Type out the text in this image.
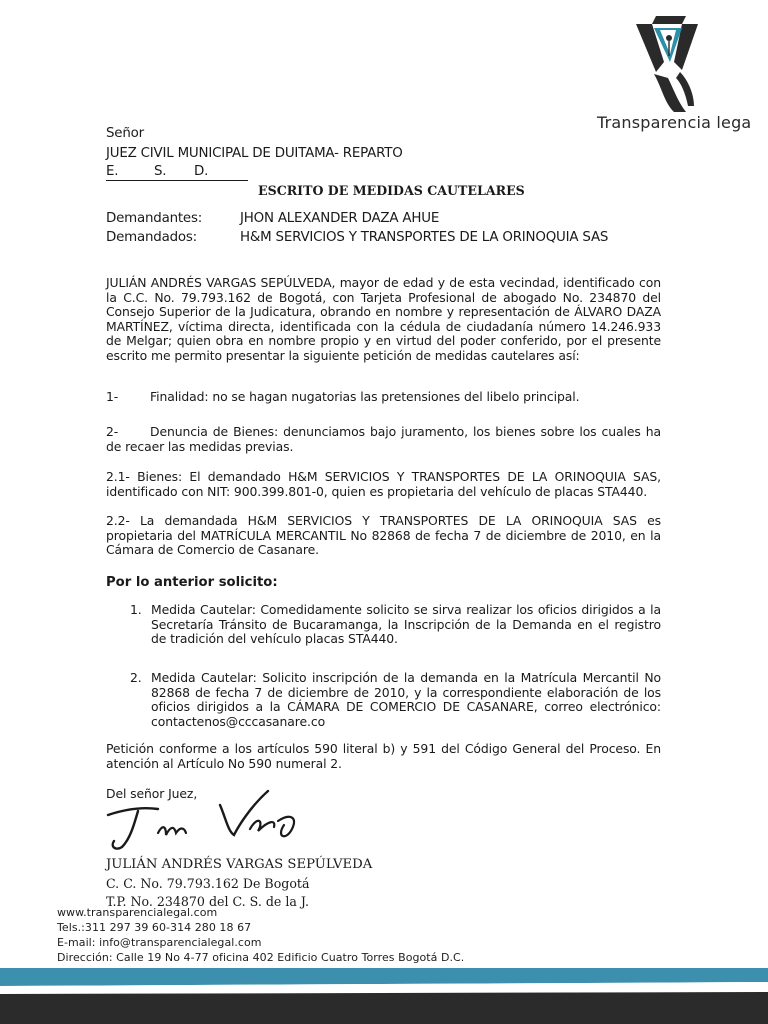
Transparencia lega
Señor
JUEZ CIVIL MUNICIPAL DE DUITAMA- REPARTO
E.	S. D.
ESCRITO DE MEDIDAS CAUTELARES
Demandantes:	JHON ALEXANDER DAZA AHUE
Demandados:	H&M SERVICIOS Y TRANSPORTES DE LA ORINOQUIA SAS
JULIÁN ANDRÉS VARGAS SEPÚLVEDA, mayor de edad y de esta vecindad, identificado con la C.C. No. 79.793.162 de Bogotá, con Tarjeta Profesional de abogado No. 234870 del Consejo Superior de la Judicatura, obrando en nombre y representación de ÁLVARO DAZA MARTÍNEZ, víctima directa, identificada con la cédula de ciudadanía número 14.246.933 de Melgar; quien obra en nombre propio y en virtud del poder conferido, por el presente escrito me permito presentar la siguiente petición de medidas cautelares así:
1-	Finalidad: no se hagan nugatorias las pretensiones del libelo principal.
2-	Denuncia de Bienes: denunciamos bajo juramento, los bienes sobre los cuales ha de recaer las medidas previas.
2.1- Bienes: El demandado H&M SERVICIOS Y TRANSPORTES DE LA ORINOQUIA SAS, identificado con NIT: 900.399.801-0, quien es propietaria del vehículo de placas STA440.
2.2- La demandada H&M SERVICIOS Y TRANSPORTES DE LA ORINOQUIA SAS es propietaria del MATRÍCULA MERCANTIL No 82868 de fecha 7 de diciembre de 2010, en la Cámara de Comercio de Casanare.
Por lo anterior solicito:
1. Medida Cautelar: Comedidamente solicito se sirva realizar los oficios dirigidos a la Secretaría Tránsito de Bucaramanga, la Inscripción de la Demanda en el registro de tradición del vehículo placas STA440.
2. Medida Cautelar: Solicito inscripción de la demanda en la Matrícula Mercantil No 82868 de fecha 7 de diciembre de 2010, y la correspondiente elaboración de los oficios dirigidos a la CÁMARA DE COMERCIO DE CASANARE, correo electrónico: contactenos@cccasanare.co
Petición conforme a los artículos 590 literal b) y 591 del Código General del Proceso. En atención al Artículo No 590 numeral 2.
Del señor Juez,
JULIÁN ANDRÉS VARGAS SEPÚLVEDA
C. C. No. 79.793.162 De Bogotá
T.P. No. 234870 del C. S. de la J.
www.transparencialegal.com
Tels.:311 297 39 60-314 280 18 67
E-mail: info@transparencialegal.com
Dirección: Calle 19 No 4-77 oficina 402 Edificio Cuatro Torres Bogotá D.C.
